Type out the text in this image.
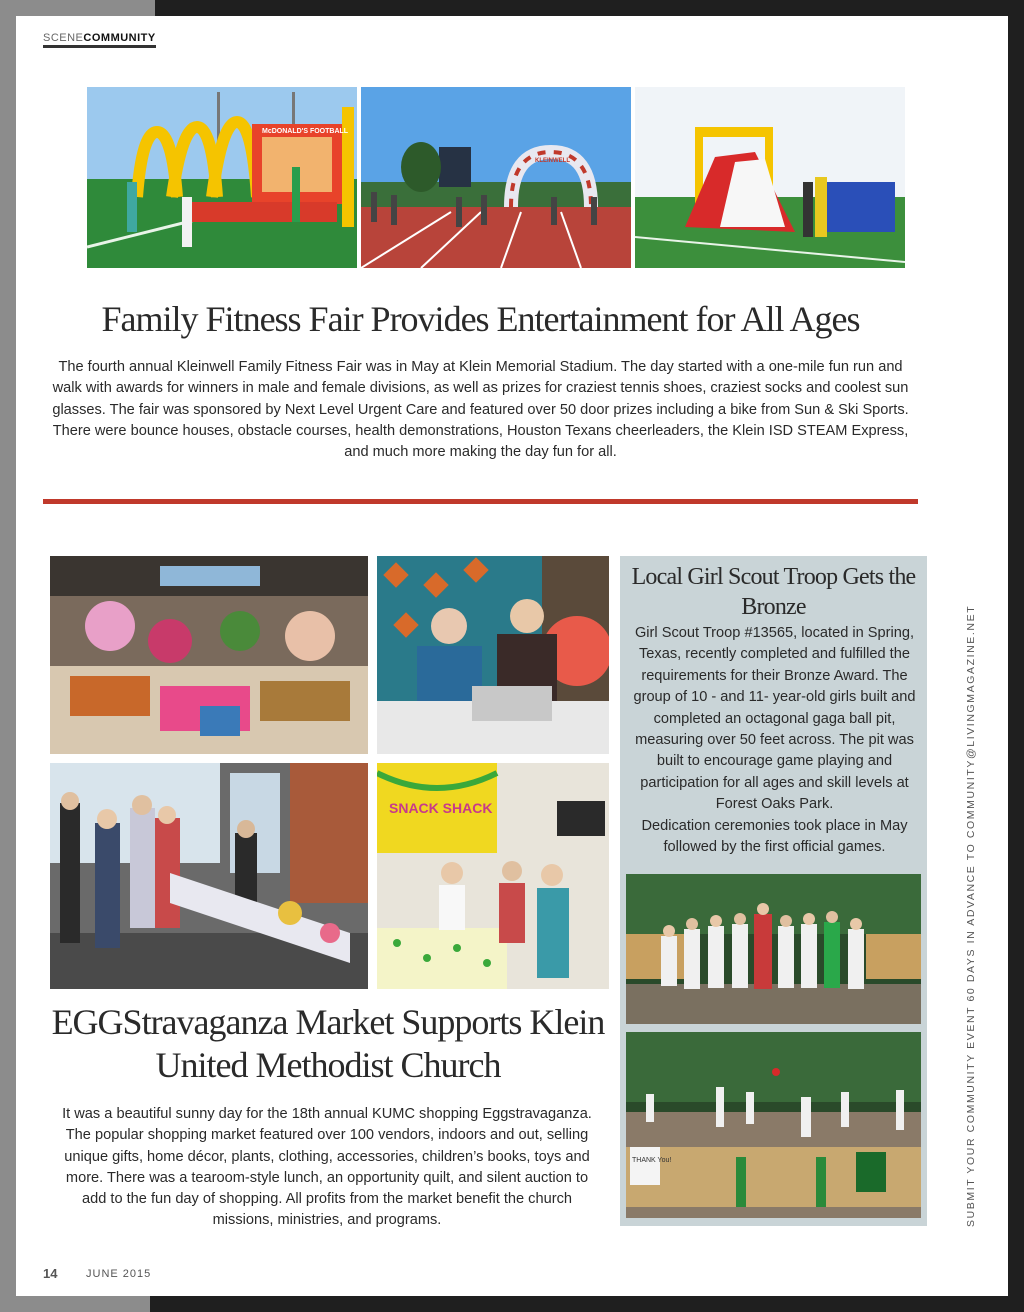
SCENECOMMUNITY
McDONALD'S FOOTBALL
KLEINWELL
Family Fitness Fair Provides Entertainment for All Ages
The fourth annual Kleinwell Family Fitness Fair was in May at Klein Memorial Stadium. The day started with a one-mile fun run and walk with awards for winners in male and female divisions, as well as prizes for craziest tennis shoes, craziest socks and coolest sun glasses. The fair was sponsored by Next Level Urgent Care and featured over 50 door prizes including a bike from Sun & Ski Sports. There were bounce houses, obstacle courses, health demonstrations, Houston Texans cheerleaders, the Klein ISD STEAM Express, and much more making the day fun for all.
SNACK SHACK
EGGStravaganza Market Supports Klein United Methodist Church
It was a beautiful sunny day for the 18th annual KUMC shopping Eggstravaganza. The popular shopping market featured over 100 vendors, indoors and out, selling unique gifts, home décor, plants, clothing, accessories, children’s books, toys and more. There was a tearoom-style lunch, an opportunity quilt, and silent auction to add to the fun day of shopping. All profits from the market benefit the church missions, ministries, and programs.
Local Girl Scout Troop Gets the Bronze
Girl Scout Troop #13565, located in Spring, Texas, recently completed and fulfilled the requirements for their Bronze Award. The group of 10 - and 11- year-old girls built and completed an octagonal gaga ball pit, measuring over 50 feet across. The pit was built to encourage game playing and participation for all ages and skill levels at Forest Oaks Park.
Dedication ceremonies took place in May followed by the first official games.
THANK You!	SUBMIT YOUR COMMUNITY EVENT 60 DAYS IN ADVANCE TO COMMUNITY@LIVINGMAGAZINE.NET
14	JUNE 2015
